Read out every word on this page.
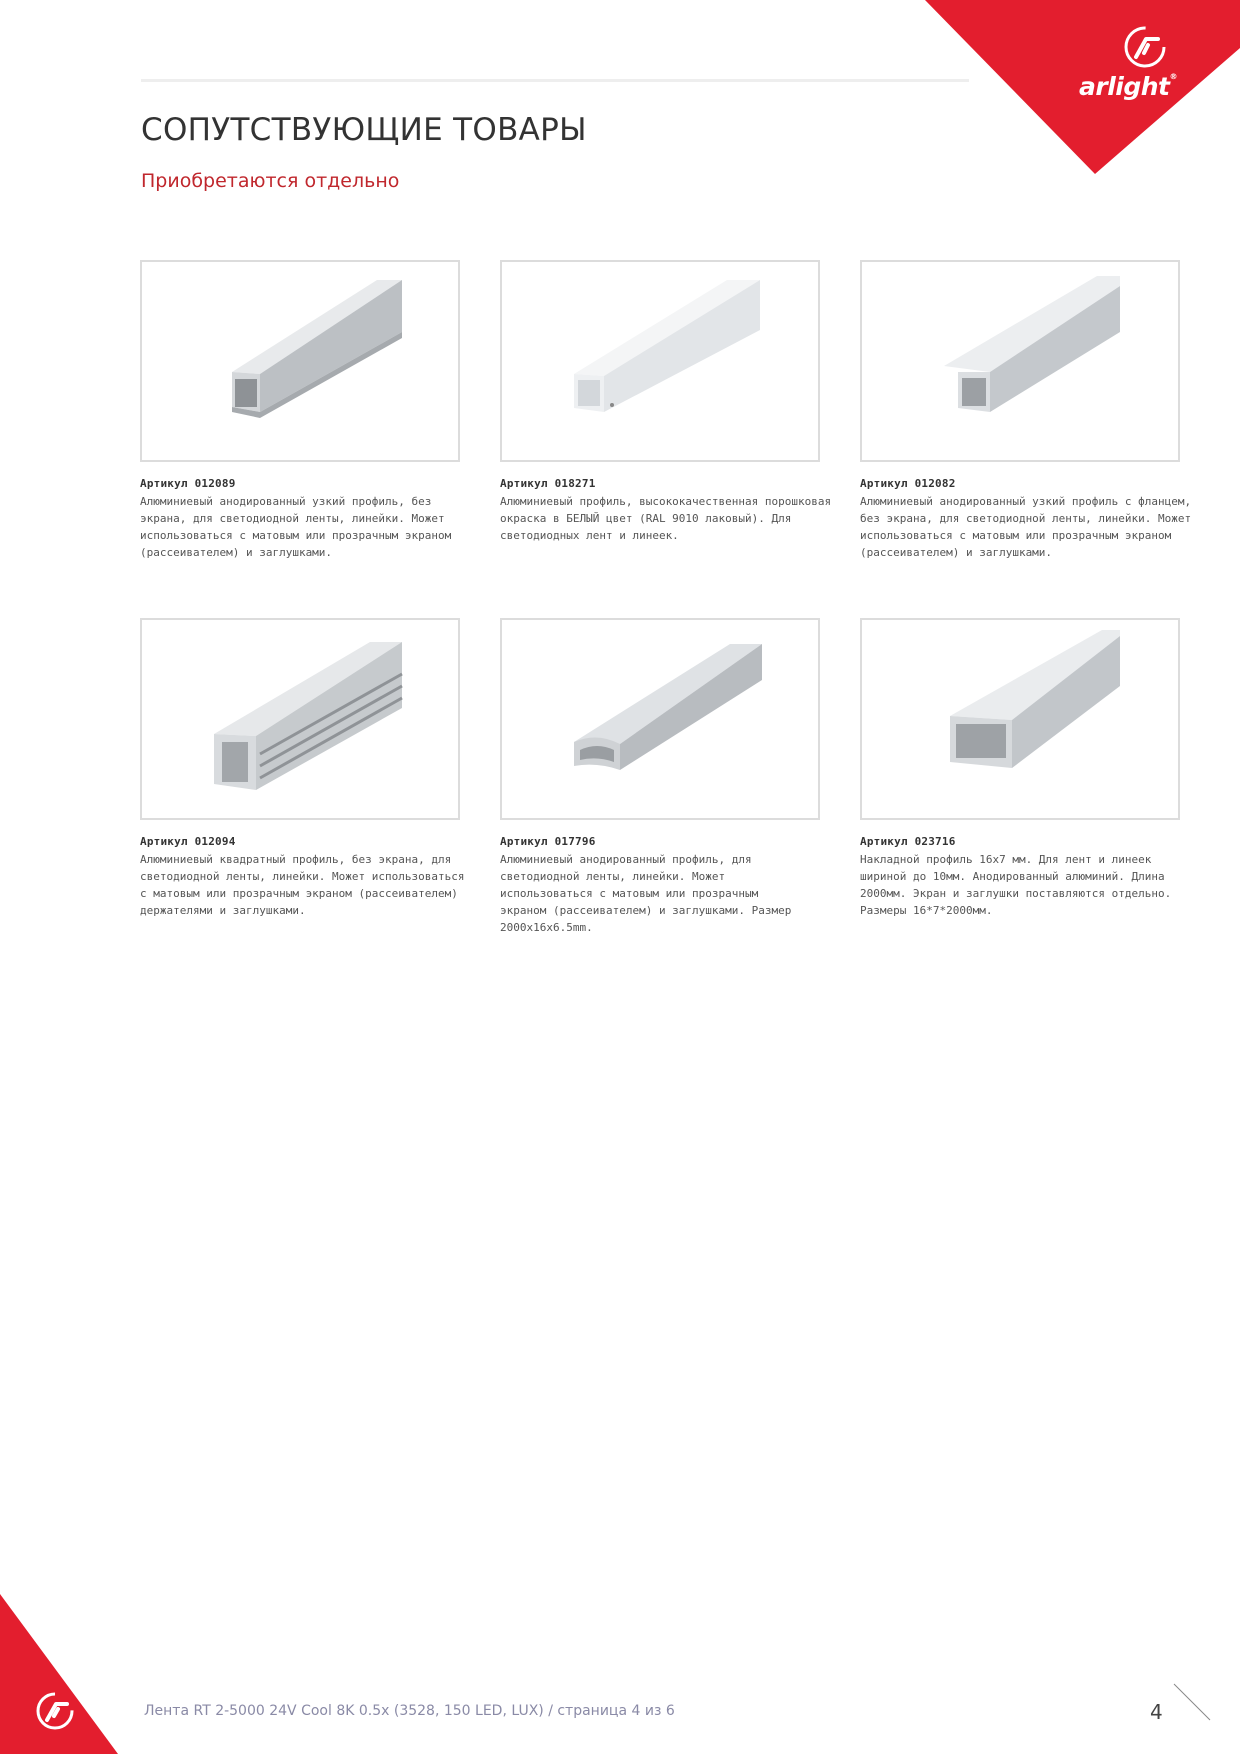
arlight®
СОПУТСТВУЮЩИЕ ТОВАРЫ
Приобретаются отдельно
Артикул 012089
Алюминиевый анодированный узкий профиль, без
экрана, для светодиодной ленты, линейки. Может
использоваться с матовым или прозрачным экраном
(рассеивателем) и заглушками.
Артикул 018271
Алюминиевый профиль, высококачественная порошковая
окраска в БЕЛЫЙ цвет (RAL 9010 лаковый). Для
светодиодных лент и линеек.
Артикул 012082
Алюминиевый анодированный узкий профиль с фланцем,
без экрана, для светодиодной ленты, линейки. Может
использоваться с матовым или прозрачным экраном
(рассеивателем) и заглушками.
Артикул 012094
Алюминиевый квадратный профиль, без экрана, для
светодиодной ленты, линейки. Может использоваться
с матовым или прозрачным экраном (рассеивателем)
держателями и заглушками.
Артикул 017796
Алюминиевый анодированный профиль, для
светодиодной ленты, линейки. Может
использоваться с матовым или прозрачным
экраном (рассеивателем) и заглушками. Размер
2000x16x6.5mm.
Артикул 023716
Накладной профиль 16х7 мм. Для лент и линеек
шириной до 10мм. Анодированный алюминий. Длина
2000мм. Экран и заглушки поставляются отдельно.
Размеры 16*7*2000мм.
Лента RT 2-5000 24V Cool 8K 0.5x (3528, 150 LED, LUX) / страница 4 из 6	4
